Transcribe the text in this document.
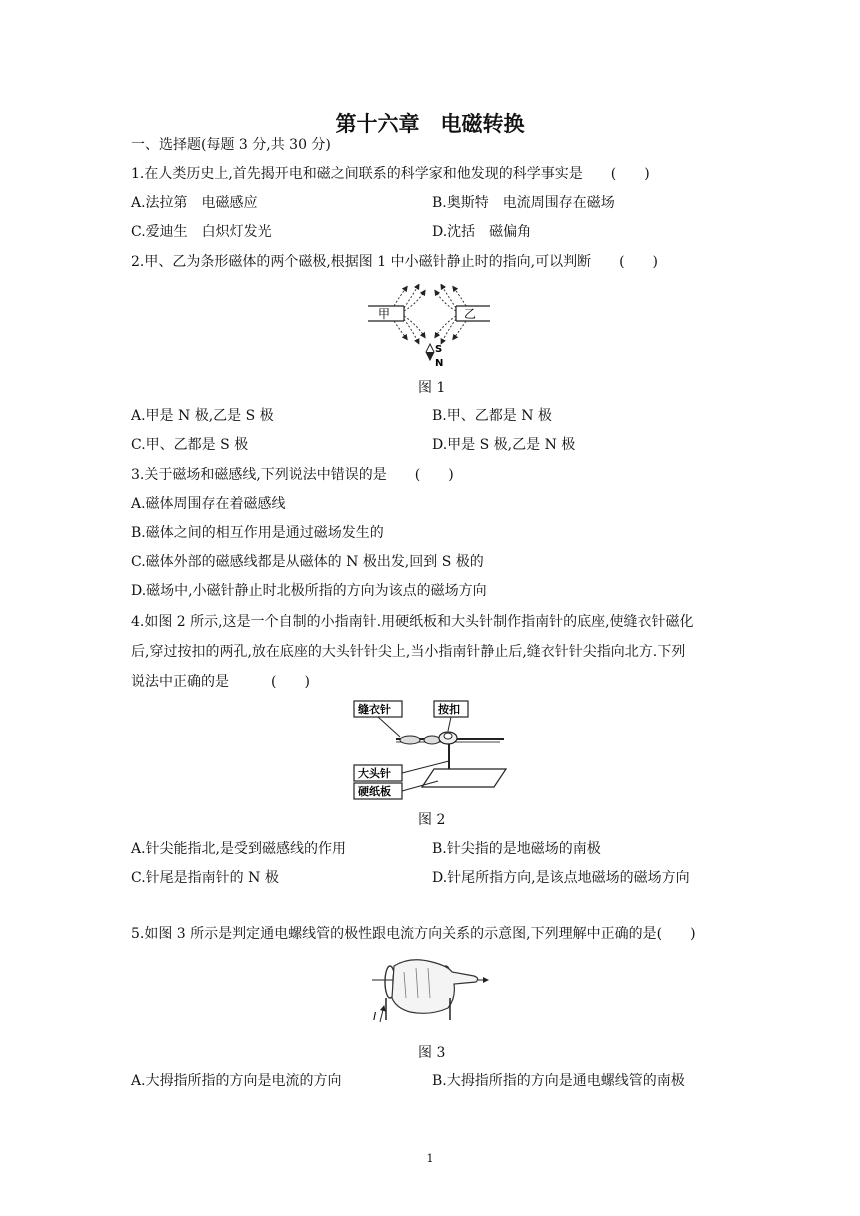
第十六章　电磁转换
一、选择题(每题 3 分,共 30 分)
1.在人类历史上,首先揭开电和磁之间联系的科学家和他发现的科学事实是　　(　　)
A.法拉第　电磁感应	B.奥斯特　电流周围存在磁场
C.爱迪生　白炽灯发光	D.沈括　磁偏角
2.甲、乙为条形磁体的两个磁极,根据图 1 中小磁针静止时的指向,可以判断　　(　　)
甲	乙
S
N
图 1
A.甲是 N 极,乙是 S 极	B.甲、乙都是 N 极
C.甲、乙都是 S 极	D.甲是 S 极,乙是 N 极
3.关于磁场和磁感线,下列说法中错误的是　　(　　)
A.磁体周围存在着磁感线
B.磁体之间的相互作用是通过磁场发生的
C.磁体外部的磁感线都是从磁体的 N 极出发,回到 S 极的
D.磁场中,小磁针静止时北极所指的方向为该点的磁场方向
4.如图 2 所示,这是一个自制的小指南针.用硬纸板和大头针制作指南针的底座,使缝衣针磁化
后,穿过按扣的两孔,放在底座的大头针针尖上,当小指南针静止后,缝衣针针尖指向北方.下列
说法中正确的是　　　(　　)
缝衣针	按扣
大头针
硬纸板
图 2
A.针尖能指北,是受到磁感线的作用	B.针尖指的是地磁场的南极
C.针尾是指南针的 N 极	D.针尾所指方向,是该点地磁场的磁场方向
5.如图 3 所示是判定通电螺线管的极性跟电流方向关系的示意图,下列理解中正确的是(　　)
I
图 3
A.大拇指所指的方向是电流的方向	B.大拇指所指的方向是通电螺线管的南极
1
